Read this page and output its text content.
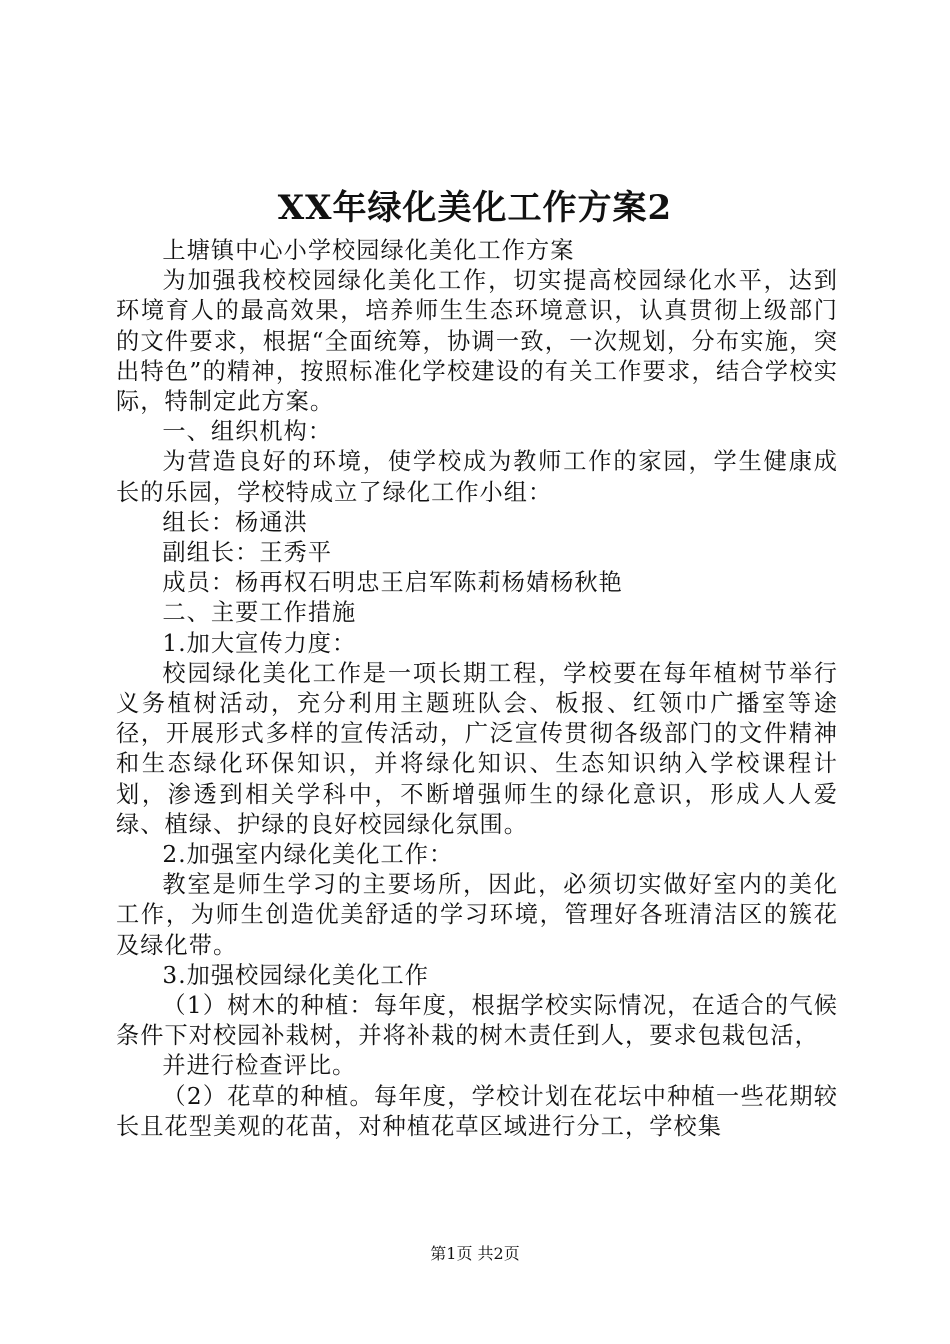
XX年绿化美化工作方案2

上塘镇中心小学校园绿化美化工作方案

为加强我校校园绿化美化工作，切实提高校园绿化水平，达到环境育人的最高效果，培养师生生态环境意识，认真贯彻上级部门的文件要求，根据“全面统筹，协调一致，一次规划，分布实施，突出特色”的精神，按照标准化学校建设的有关工作要求，结合学校实际，特制定此方案。

一、组织机构：

为营造良好的环境，使学校成为教师工作的家园，学生健康成长的乐园，学校特成立了绿化工作小组：

组长：杨通洪

副组长：王秀平

成员：杨再权石明忠王启军陈莉杨婧杨秋艳

二、主要工作措施

1.加大宣传力度：

校园绿化美化工作是一项长期工程，学校要在每年植树节举行义务植树活动，充分利用主题班队会、板报、红领巾广播室等途径，开展形式多样的宣传活动，广泛宣传贯彻各级部门的文件精神和生态绿化环保知识，并将绿化知识、生态知识纳入学校课程计划，渗透到相关学科中，不断增强师生的绿化意识，形成人人爱绿、植绿、护绿的良好校园绿化氛围。

2.加强室内绿化美化工作：

教室是师生学习的主要场所，因此，必须切实做好室内的美化工作，为师生创造优美舒适的学习环境，管理好各班清洁区的簇花及绿化带。

3.加强校园绿化美化工作

（1）树木的种植：每年度，根据学校实际情况，在适合的气候条件下对校园补栽树，并将补栽的树木责任到人，要求包栽包活，

并进行检查评比。

（2）花草的种植。每年度，学校计划在花坛中种植一些花期较长且花型美观的花苗，对种植花草区域进行分工，学校集

第1页 共2页
